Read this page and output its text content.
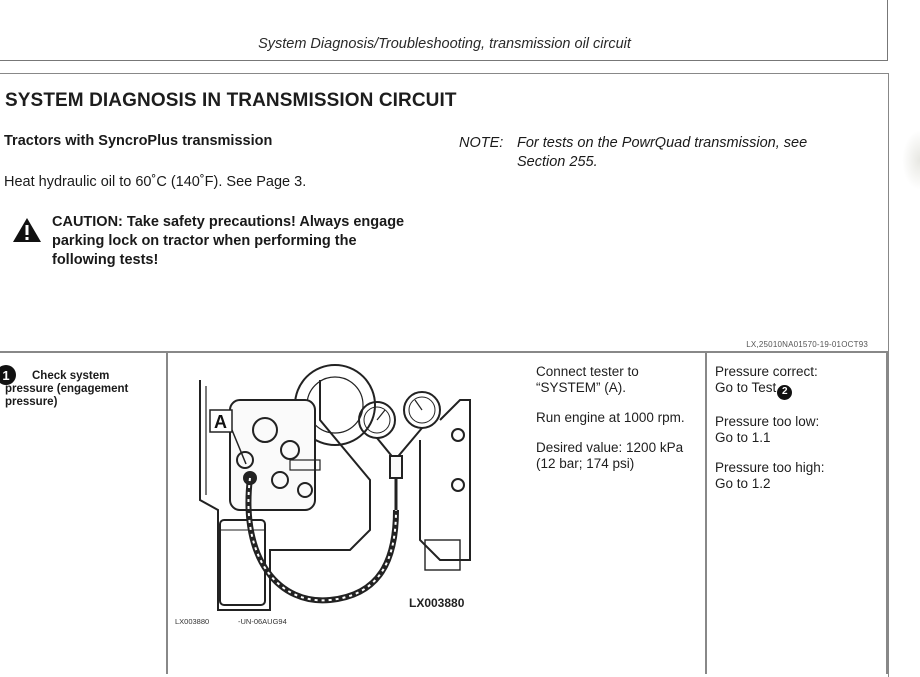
System Diagnosis/Troubleshooting, transmission oil circuit
SYSTEM DIAGNOSIS IN TRANSMISSION CIRCUIT
Tractors with SyncroPlus transmission
Heat hydraulic oil to 60˚C (140˚F). See Page 3.
CAUTION: Take safety precautions! Always engage parking lock on tractor when performing the following tests!
NOTE: For tests on the PowrQuad transmission, see
Section 255.
LX,25010NA01570-19-01OCT93
1	Check system
pressure (engagement pressure)
A
LX003880
LX003880	-UN-06AUG94

Connect tester to “SYSTEM” (A).

Run engine at 1000 rpm.

Desired value: 1200 kPa (12 bar; 174 psi)

Pressure correct:
Go to Test 2

Pressure too low:
Go to 1.1

Pressure too high:
Go to 1.2
